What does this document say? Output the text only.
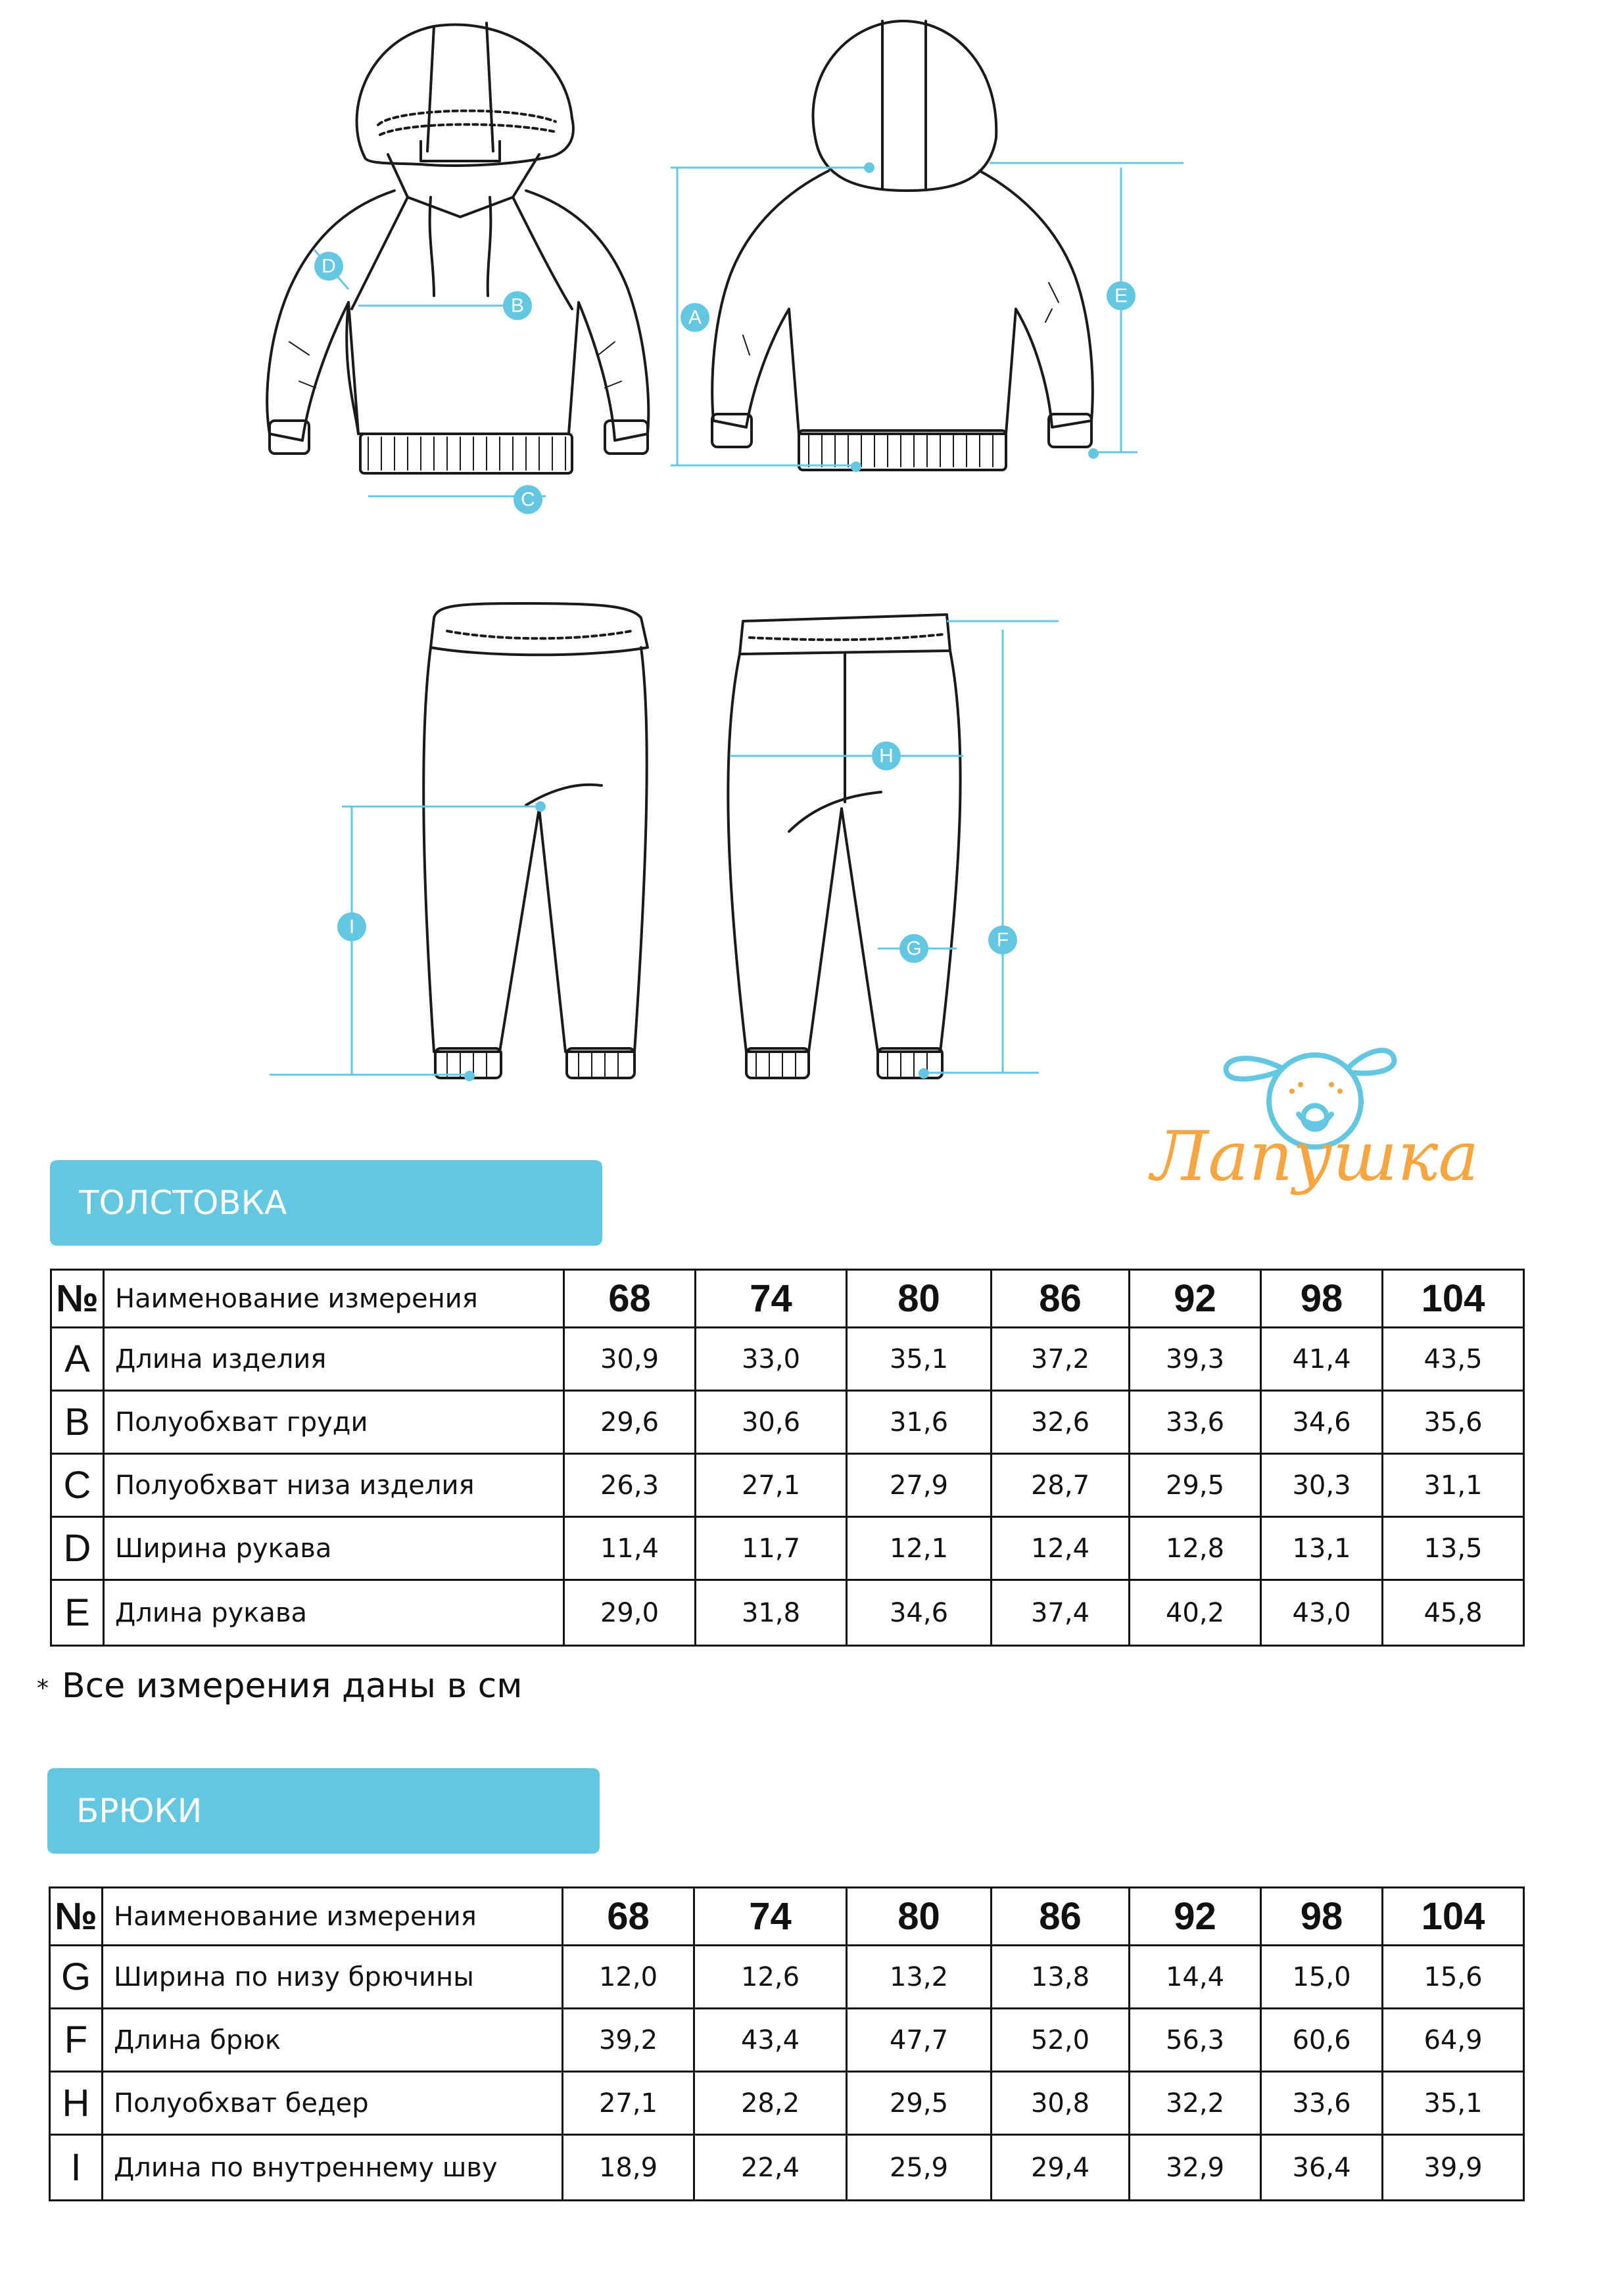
A
B
C
D
E
F
G
H
I
Лапушка
ТОЛСТОВКА
№	Наименование измерения	68	74	80	86	92	98	104
A	Длина изделия	30,9	33,0	35,1	37,2	39,3	41,4	43,5
B	Полуобхват груди	29,6	30,6	31,6	32,6	33,6	34,6	35,6
C	Полуобхват низа изделия	26,3	27,1	27,9	28,7	29,5	30,3	31,1
D	Ширина рукава	11,4	11,7	12,1	12,4	12,8	13,1	13,5
E	Длина рукава	29,0	31,8	34,6	37,4	40,2	43,0	45,8
* Все измерения даны в см
БРЮКИ
№	Наименование измерения	68	74	80	86	92	98	104
G	Ширина по низу брючины	12,0	12,6	13,2	13,8	14,4	15,0	15,6
F	Длина брюк	39,2	43,4	47,7	52,0	56,3	60,6	64,9
H	Полуобхват бедер	27,1	28,2	29,5	30,8	32,2	33,6	35,1
I	Длина по внутреннему шву	18,9	22,4	25,9	29,4	32,9	36,4	39,9
